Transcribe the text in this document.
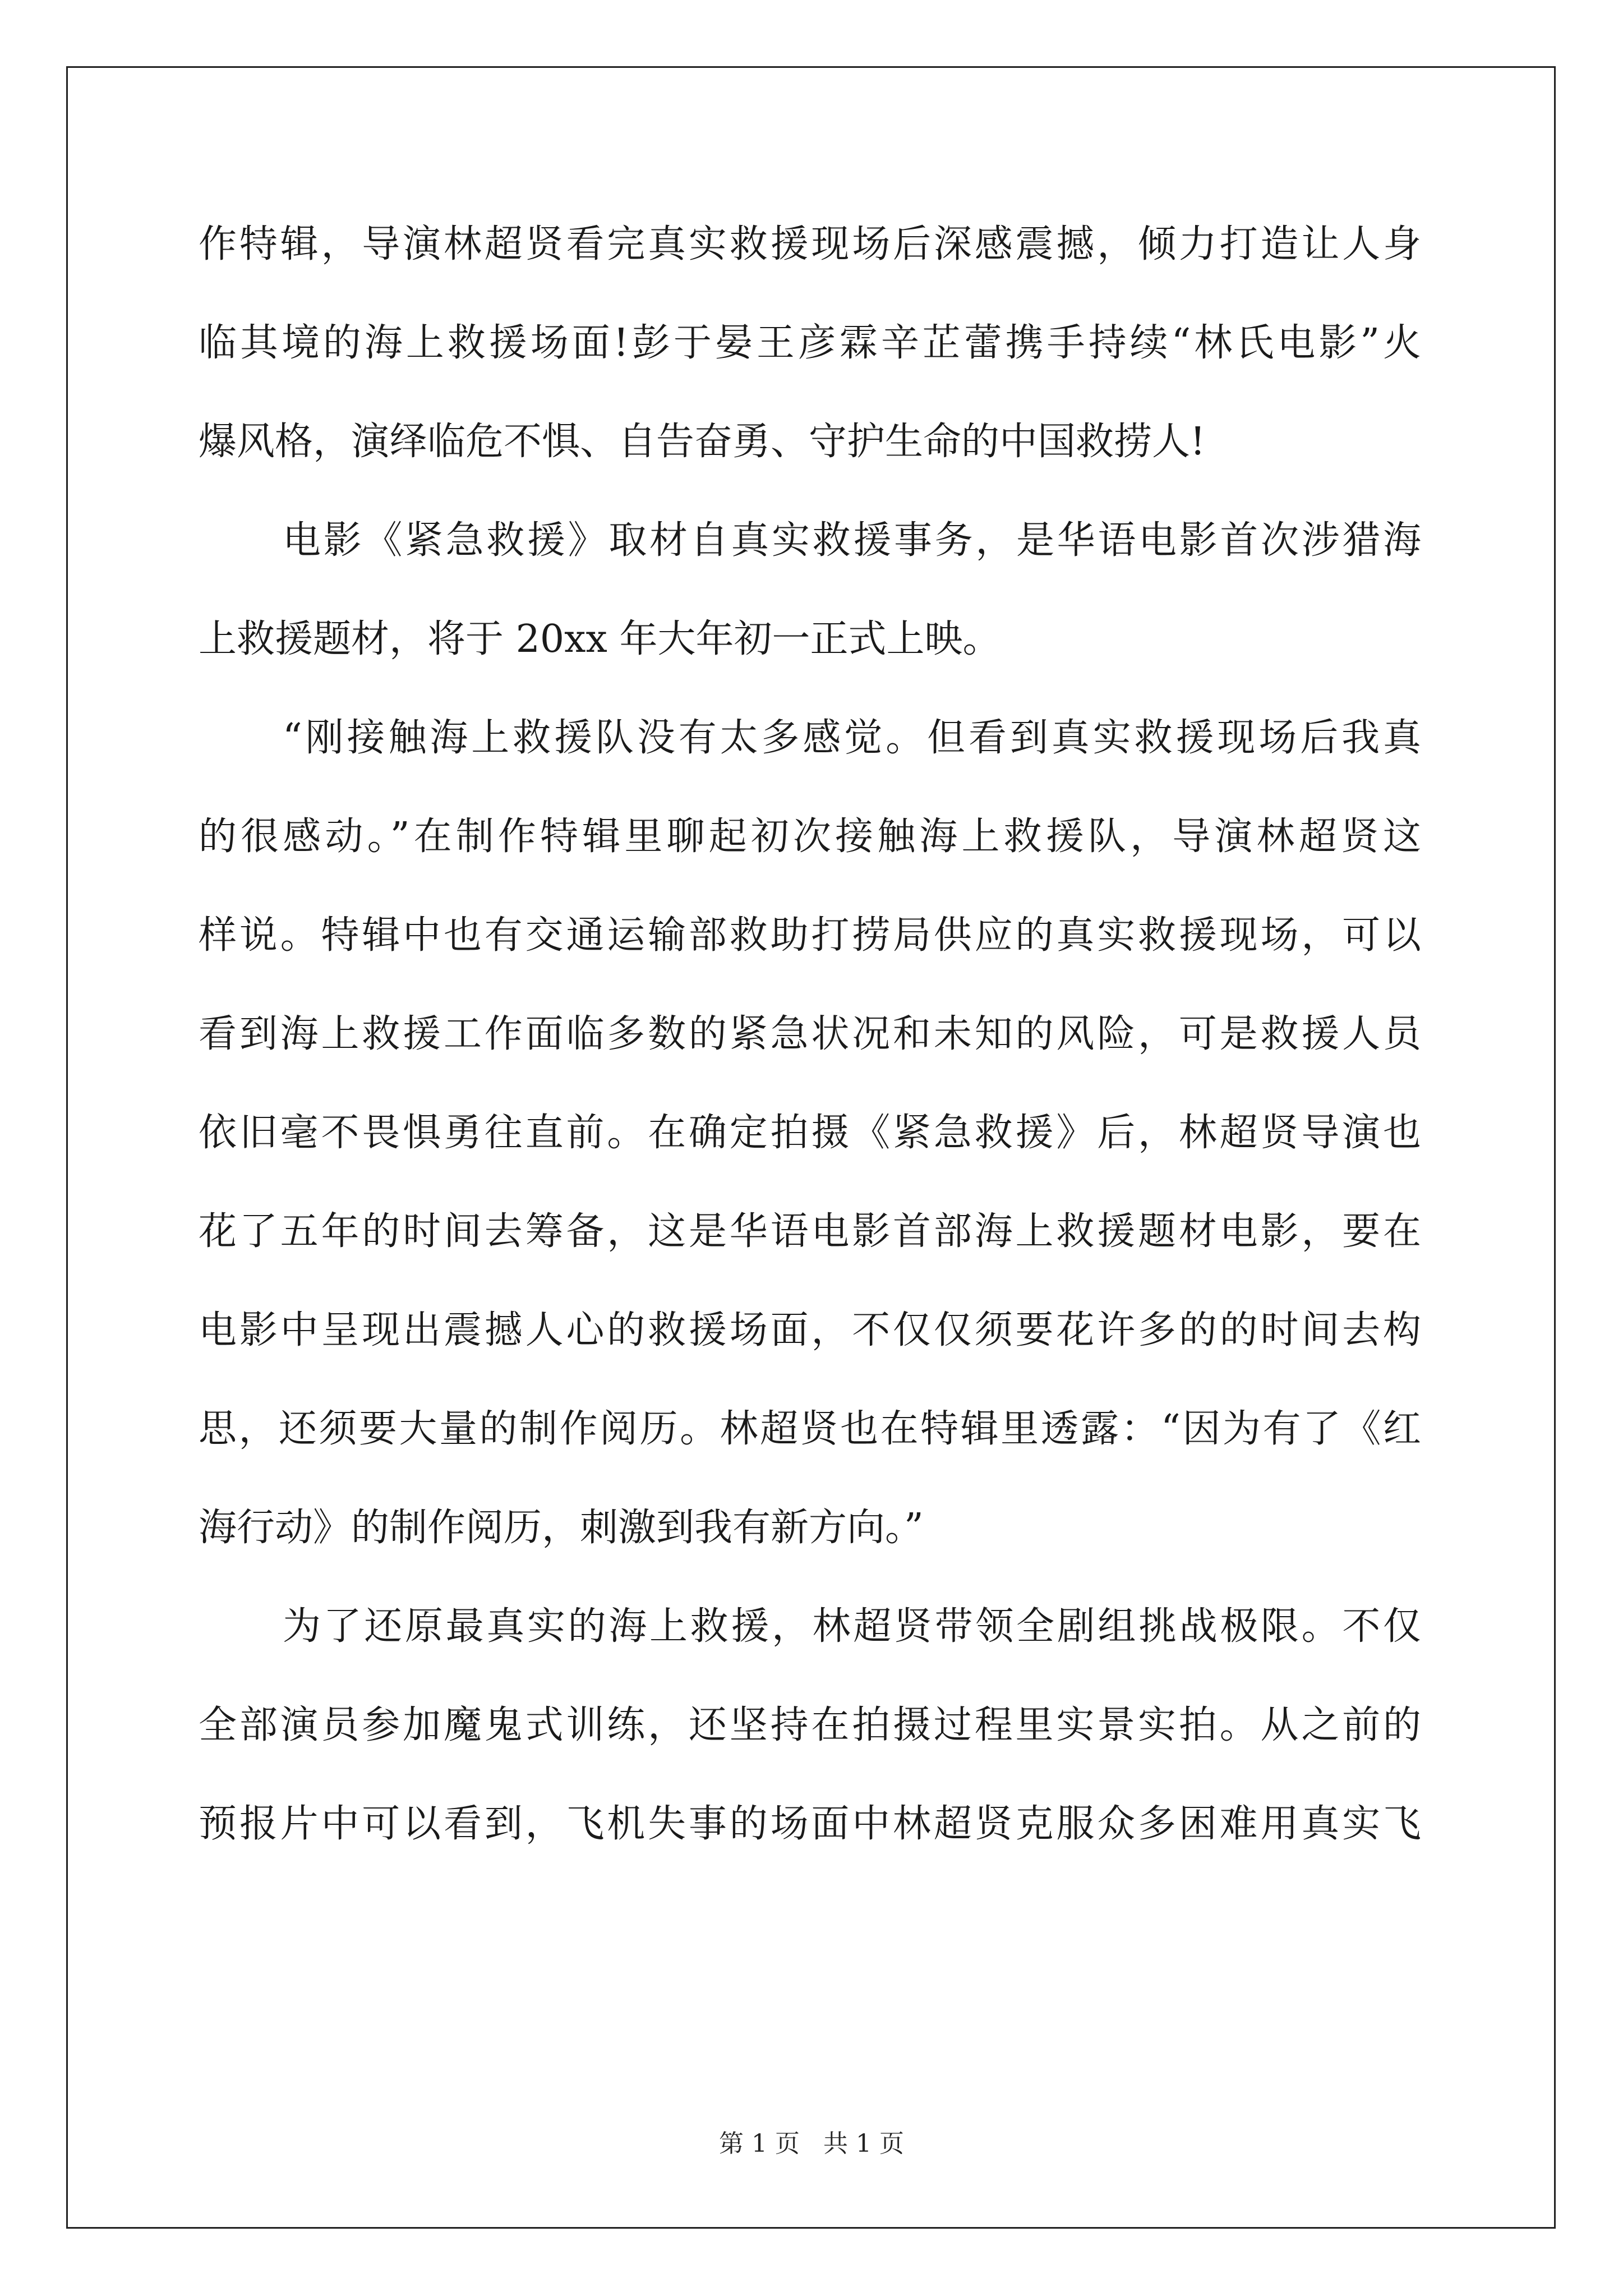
作特辑，导演林超贤看完真实救援现场后深感震撼，倾力打造让人身
临其境的海上救援场面!彭于晏王彦霖辛芷蕾携手持续“林氏电影”火
爆风格，演绎临危不惧、自告奋勇、守护生命的中国救捞人!
电影《紧急救援》取材自真实救援事务，是华语电影首次涉猎海
上救援题材，将于 20xx 年大年初一正式上映。
“刚接触海上救援队没有太多感觉。但看到真实救援现场后我真
的很感动。”在制作特辑里聊起初次接触海上救援队，导演林超贤这
样说。特辑中也有交通运输部救助打捞局供应的真实救援现场，可以
看到海上救援工作面临多数的紧急状况和未知的风险，可是救援人员
依旧毫不畏惧勇往直前。在确定拍摄《紧急救援》后，林超贤导演也
花了五年的时间去筹备，这是华语电影首部海上救援题材电影，要在
电影中呈现出震撼人心的救援场面，不仅仅须要花许多的的时间去构
思，还须要大量的制作阅历。林超贤也在特辑里透露：“因为有了《红
海行动》的制作阅历，刺激到我有新方向。”
为了还原最真实的海上救援，林超贤带领全剧组挑战极限。不仅
全部演员参加魔鬼式训练，还坚持在拍摄过程里实景实拍。从之前的
预报片中可以看到，飞机失事的场面中林超贤克服众多困难用真实飞
第 1 页   共 1 页
